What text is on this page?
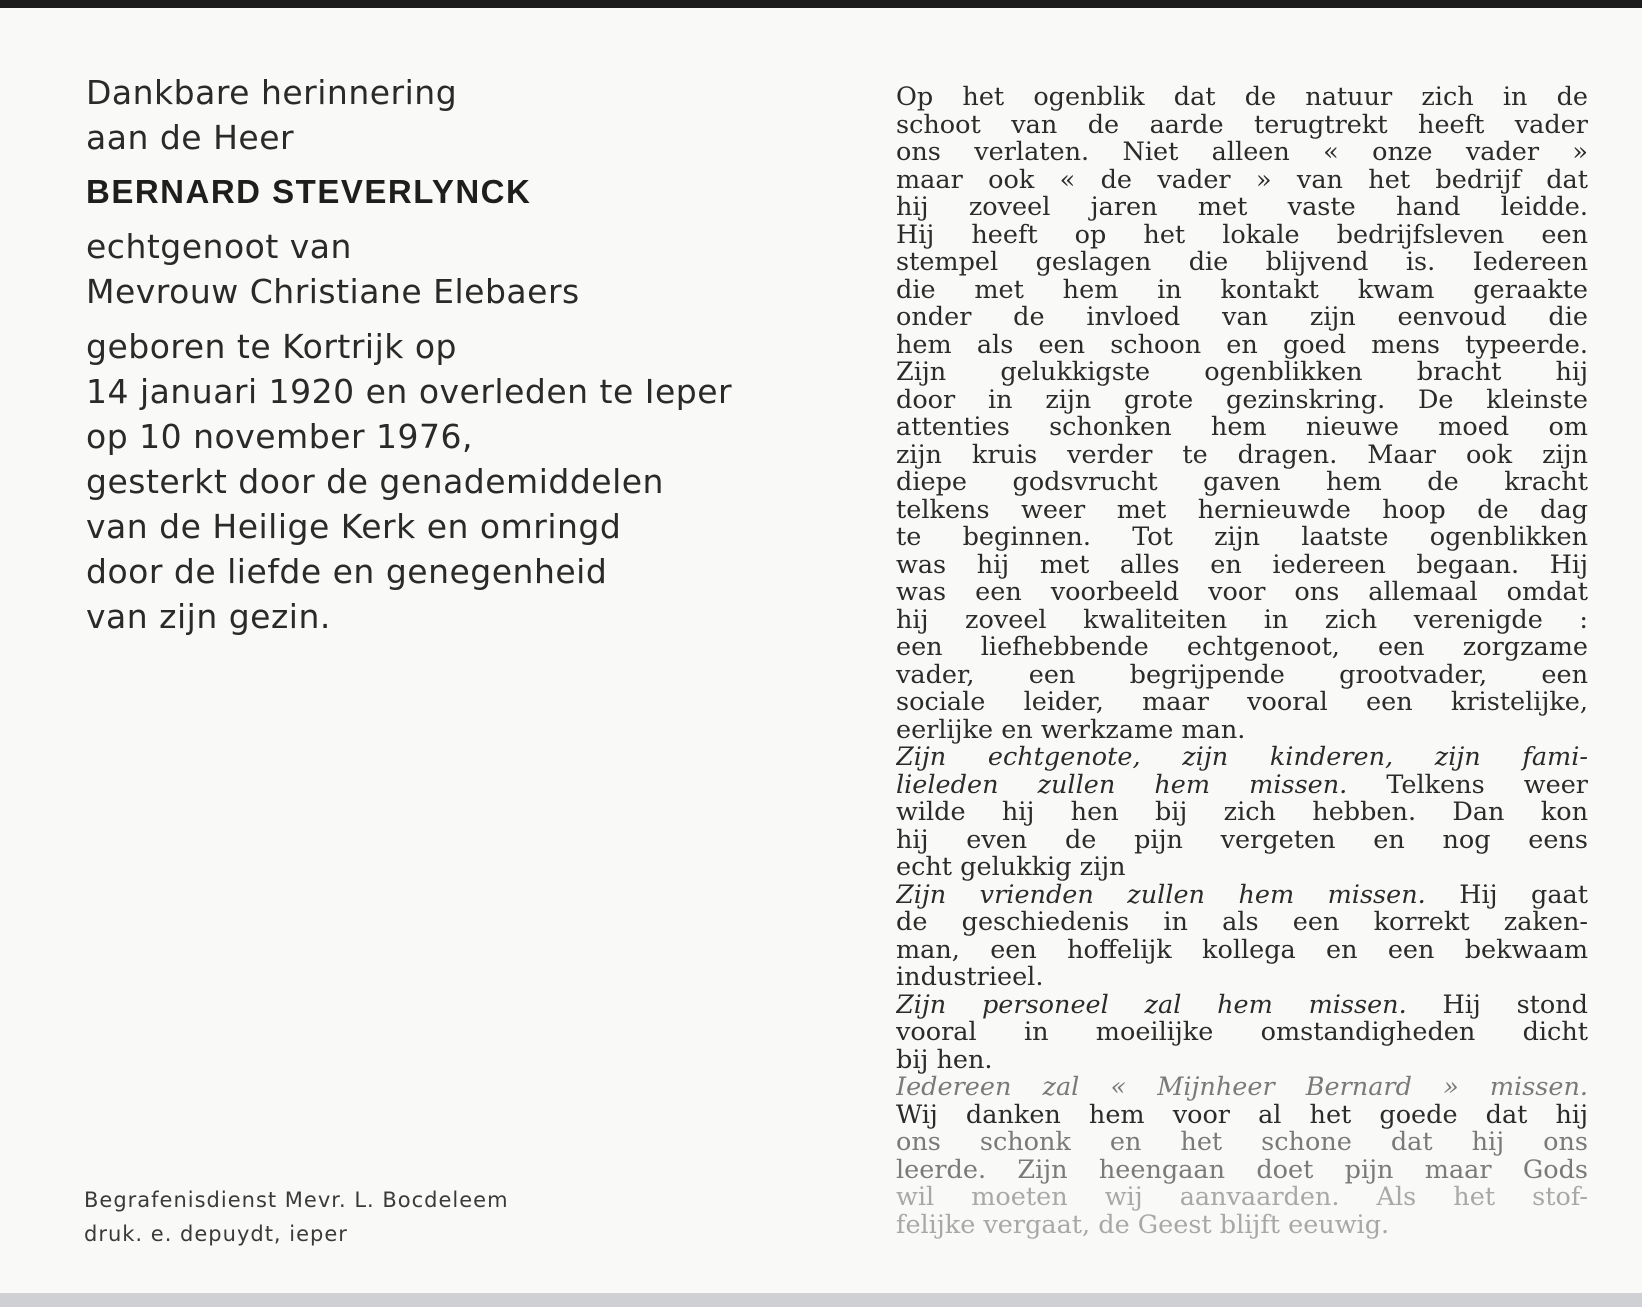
Dankbare herinnering
aan de Heer
BERNARD STEVERLYNCK
echtgenoot van
Mevrouw Christiane Elebaers
geboren te Kortrijk op
14 januari 1920 en overleden te Ieper
op 10 november 1976,
gesterkt door de genademiddelen
van de Heilige Kerk en omringd
door de liefde en genegenheid
van zijn gezin.
Begrafenisdienst Mevr. L. Bocdeleem
druk. e. depuydt, ieper
Op het ogenblik dat de natuur zich in de
schoot van de aarde terugtrekt heeft vader
ons verlaten. Niet alleen « onze vader »
maar ook « de vader » van het bedrijf dat
hij zoveel jaren met vaste hand leidde.
Hij heeft op het lokale bedrijfsleven een
stempel geslagen die blijvend is. Iedereen
die met hem in kontakt kwam geraakte
onder de invloed van zijn eenvoud die
hem als een schoon en goed mens typeerde.
Zijn gelukkigste ogenblikken bracht hij
door in zijn grote gezinskring. De kleinste
attenties schonken hem nieuwe moed om
zijn kruis verder te dragen. Maar ook zijn
diepe godsvrucht gaven hem de kracht
telkens weer met hernieuwde hoop de dag
te beginnen. Tot zijn laatste ogenblikken
was hij met alles en iedereen begaan. Hij
was een voorbeeld voor ons allemaal omdat
hij zoveel kwaliteiten in zich verenigde :
een liefhebbende echtgenoot, een zorgzame
vader, een begrijpende grootvader, een
sociale leider, maar vooral een kristelijke,
eerlijke en werkzame man.
Zijn echtgenote, zijn kinderen, zijn fami-
lieleden zullen hem missen. Telkens weer
wilde hij hen bij zich hebben. Dan kon
hij even de pijn vergeten en nog eens
echt gelukkig zijn
Zijn vrienden zullen hem missen. Hij gaat
de geschiedenis in als een korrekt zaken-
man, een hoffelijk kollega en een bekwaam
industrieel.
Zijn personeel zal hem missen. Hij stond
vooral in moeilijke omstandigheden dicht
bij hen.
Iedereen zal « Mijnheer Bernard » missen.
Wij danken hem voor al het goede dat hij
ons schonk en het schone dat hij ons
leerde. Zijn heengaan doet pijn maar Gods
wil moeten wij aanvaarden. Als het stof-
felijke vergaat, de Geest blijft eeuwig.
